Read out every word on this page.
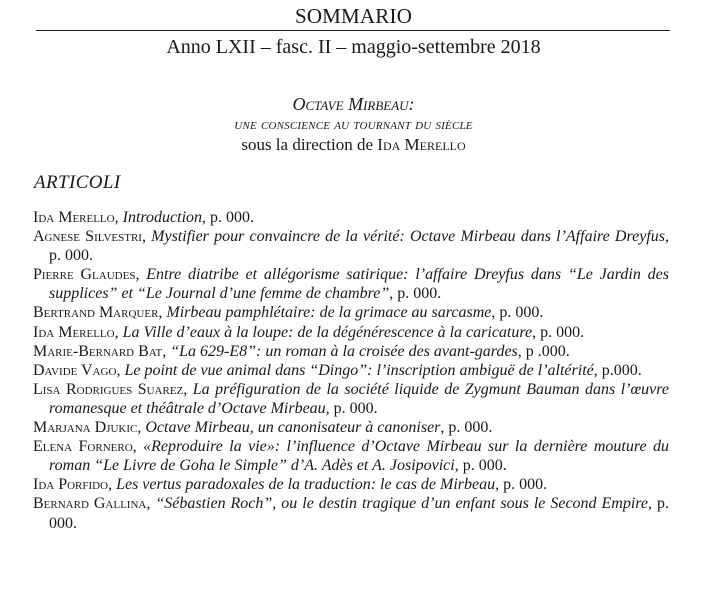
SOMMARIO
Anno LXII – fasc. II – maggio-settembre 2018
Octave Mirbeau:
une conscience au tournant du siècle
sous la direction de Ida Merello
ARTICOLI
Ida Merello, Introduction, p. 000.
Agnese Silvestri, Mystifier pour convaincre de la vérité: Octave Mirbeau dans l’Affaire Dreyfus, p. 000.
Pierre Glaudes, Entre diatribe et allégorisme satirique: l’affaire Dreyfus dans “Le Jardin des supplices” et “Le Journal d’une femme de chambre”, p. 000.
Bertrand Marquer, Mirbeau pamphlétaire: de la grimace au sarcasme, p. 000.
Ida Merello, La Ville d’eaux à la loupe: de la dégénérescence à la caricature, p. 000.
Marie-Bernard Bat, “La 629-E8”: un roman à la croisée des avant-gardes, p .000.
Davide Vago, Le point de vue animal dans “Dingo”: l’inscription ambiguë de l’altérité, p.000.
Lisa Rodrigues Suarez, La préfiguration de la société liquide de Zygmunt Bauman dans l’œuvre romanesque et théâtrale d’Octave Mirbeau, p. 000.
Marjana Djukic, Octave Mirbeau, un canonisateur à canoniser, p. 000.
Elena Fornero, «Reproduire la vie»: l’influence d’Octave Mirbeau sur la dernière mouture du roman “Le Livre de Goha le Simple” d’A. Adès et A. Josipovici, p. 000.
Ida Porfido, Les vertus paradoxales de la traduction: le cas de Mirbeau, p. 000.
Bernard Gallina, “Sébastien Roch”, ou le destin tragique d’un enfant sous le Second Empire, p. 000.
